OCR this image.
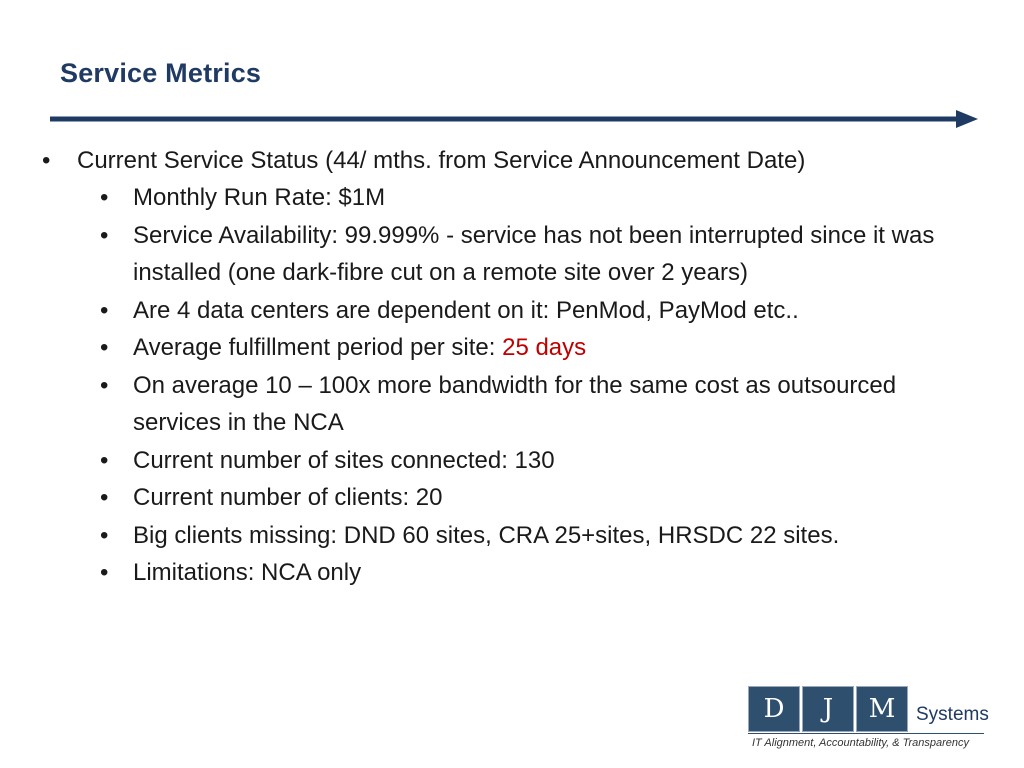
Service Metrics
• Current Service Status (44/ mths. from Service Announcement Date)
• Monthly Run Rate: $1M
• Service Availability: 99.999% - service has not been interrupted since it was installed (one dark-fibre cut on a remote site over 2 years)
• Are 4 data centers are dependent on it: PenMod, PayMod etc..
• Average fulfillment period per site: 25 days
• On average 10 – 100x more bandwidth for the same cost as outsourced services in the NCA
• Current number of sites connected: 130
• Current number of clients: 20
• Big clients missing: DND 60 sites, CRA 25+sites, HRSDC 22 sites.
• Limitations: NCA only
D	J	M	Systems
IT Alignment, Accountability, & Transparency
